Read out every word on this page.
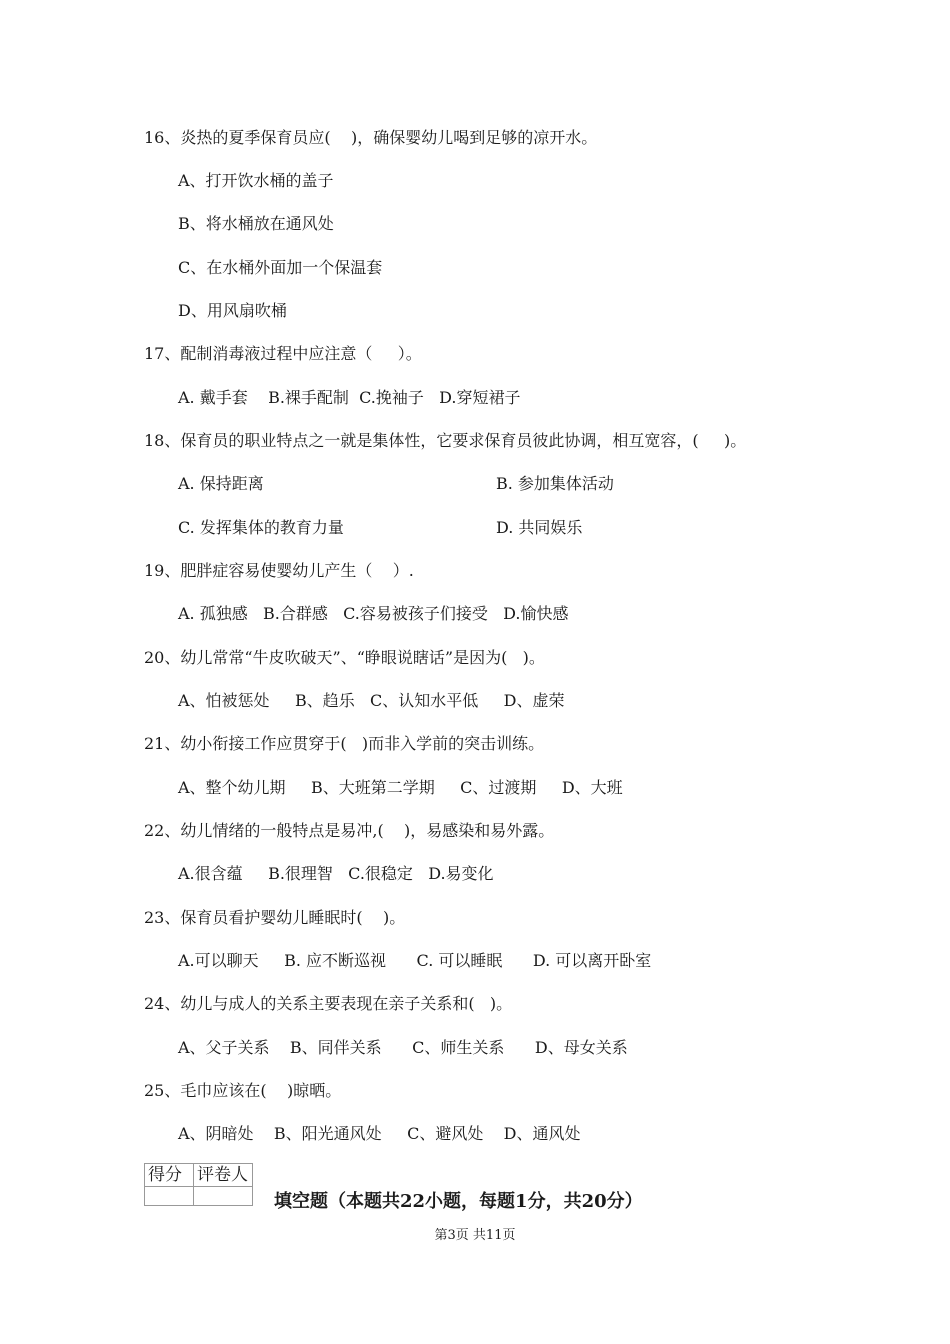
16、炎热的夏季保育员应(    )，确保婴幼儿喝到足够的凉开水。
A、打开饮水桶的盖子
B、将水桶放在通风处
C、在水桶外面加一个保温套
D、用风扇吹桶
17、配制消毒液过程中应注意（     ）。
A. 戴手套    B.裸手配制  C.挽袖子   D.穿短裙子
18、保育员的职业特点之一就是集体性，它要求保育员彼此协调，相互宽容，(     )。
A. 保持距离	B. 参加集体活动
C. 发挥集体的教育力量	D. 共同娱乐
19、肥胖症容易使婴幼儿产生（    ）.
A. 孤独感   B.合群感   C.容易被孩子们接受   D.愉快感
20、幼儿常常“牛皮吹破天”、“睁眼说瞎话”是因为(   )。
A、怕被惩处     B、趋乐   C、认知水平低     D、虚荣
21、幼小衔接工作应贯穿于(   )而非入学前的突击训练。
A、整个幼儿期     B、大班第二学期     C、过渡期     D、大班
22、幼儿情绪的一般特点是易冲,(    )，易感染和易外露。
A.很含蕴     B.很理智   C.很稳定   D.易变化
23、保育员看护婴幼儿睡眠时(    )。
A.可以聊天     B. 应不断巡视      C. 可以睡眠      D. 可以离开卧室
24、幼儿与成人的关系主要表现在亲子关系和(   )。
A、父子关系    B、同伴关系      C、师生关系      D、母女关系
25、毛巾应该在(    )晾晒。
A、阴暗处    B、阳光通风处     C、避风处    D、通风处
得分	评卷人

填空题（本题共22小题，每题1分，共20分）
第3页 共11页
